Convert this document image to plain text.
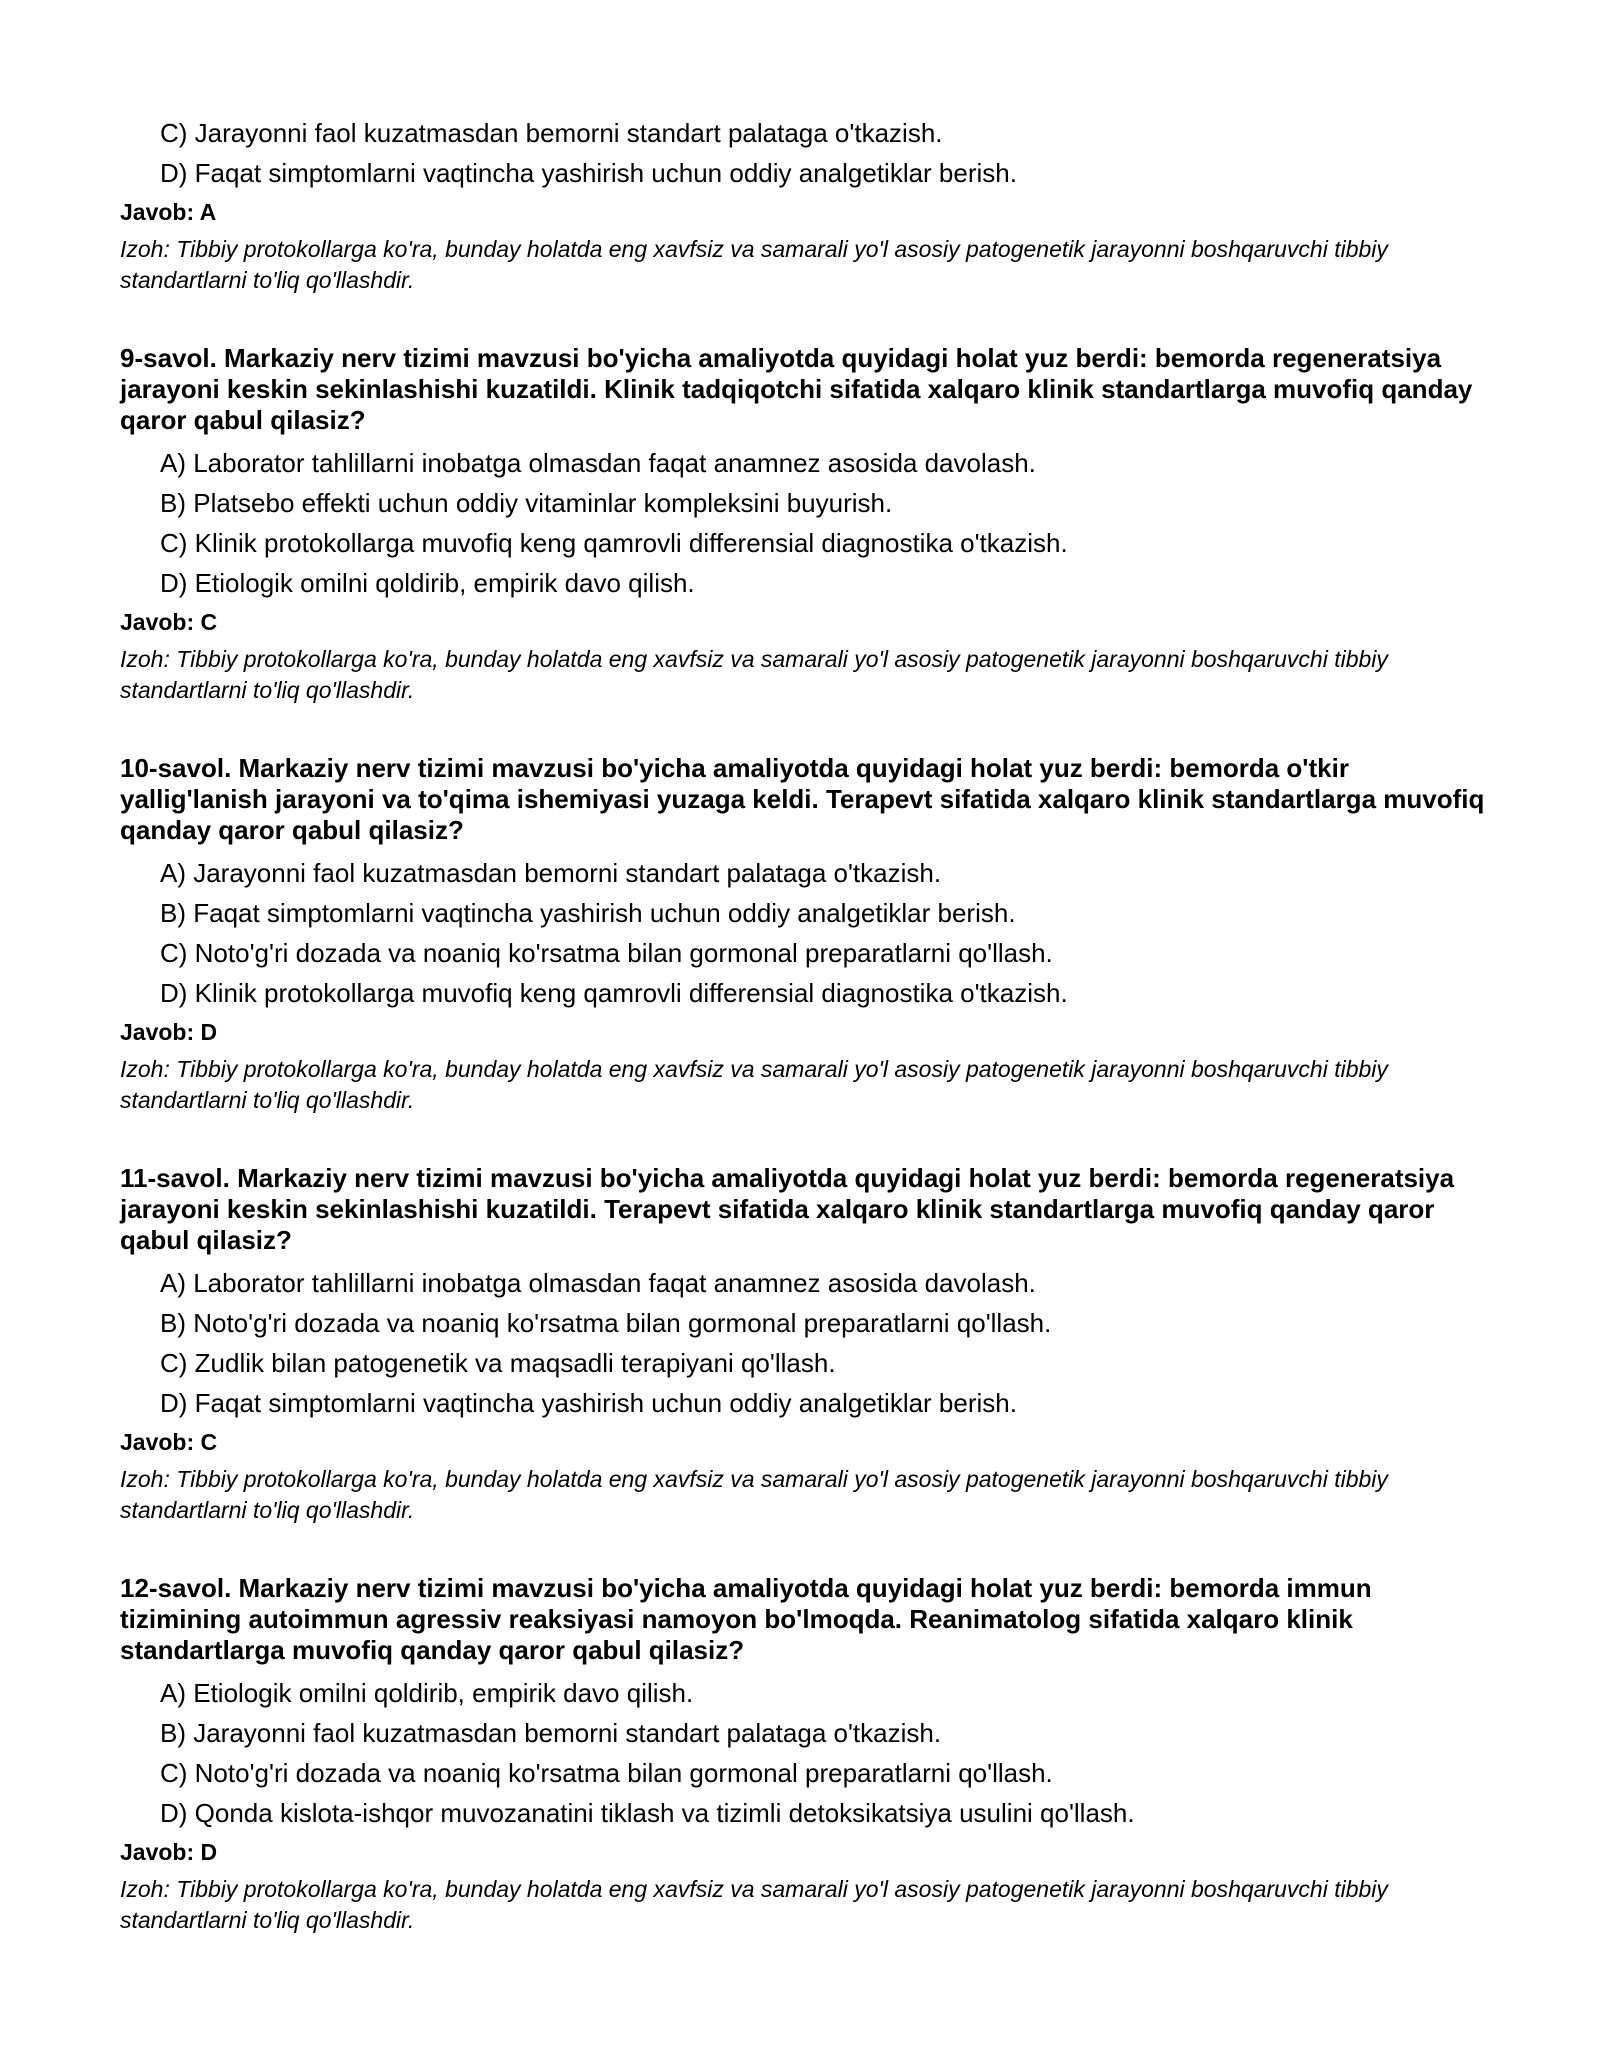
C) Jarayonni faol kuzatmasdan bemorni standart palataga o'tkazish.
D) Faqat simptomlarni vaqtincha yashirish uchun oddiy analgetiklar berish.
Javob: A
Izoh: Tibbiy protokollarga ko'ra, bunday holatda eng xavfsiz va samarali yo'l asosiy patogenetik jarayonni boshqaruvchi tibbiy standartlarni to'liq qo'llashdir.
9-savol. Markaziy nerv tizimi mavzusi bo'yicha amaliyotda quyidagi holat yuz berdi: bemorda regeneratsiya jarayoni keskin sekinlashishi kuzatildi. Klinik tadqiqotchi sifatida xalqaro klinik standartlarga muvofiq qanday qaror qabul qilasiz?
A) Laborator tahlillarni inobatga olmasdan faqat anamnez asosida davolash.
B) Platsebo effekti uchun oddiy vitaminlar kompleksini buyurish.
C) Klinik protokollarga muvofiq keng qamrovli differensial diagnostika o'tkazish.
D) Etiologik omilni qoldirib, empirik davo qilish.
Javob: C
Izoh: Tibbiy protokollarga ko'ra, bunday holatda eng xavfsiz va samarali yo'l asosiy patogenetik jarayonni boshqaruvchi tibbiy standartlarni to'liq qo'llashdir.
10-savol. Markaziy nerv tizimi mavzusi bo'yicha amaliyotda quyidagi holat yuz berdi: bemorda o'tkir yallig'lanish jarayoni va to'qima ishemiyasi yuzaga keldi. Terapevt sifatida xalqaro klinik standartlarga muvofiq qanday qaror qabul qilasiz?
A) Jarayonni faol kuzatmasdan bemorni standart palataga o'tkazish.
B) Faqat simptomlarni vaqtincha yashirish uchun oddiy analgetiklar berish.
C) Noto'g'ri dozada va noaniq ko'rsatma bilan gormonal preparatlarni qo'llash.
D) Klinik protokollarga muvofiq keng qamrovli differensial diagnostika o'tkazish.
Javob: D
Izoh: Tibbiy protokollarga ko'ra, bunday holatda eng xavfsiz va samarali yo'l asosiy patogenetik jarayonni boshqaruvchi tibbiy standartlarni to'liq qo'llashdir.
11-savol. Markaziy nerv tizimi mavzusi bo'yicha amaliyotda quyidagi holat yuz berdi: bemorda regeneratsiya jarayoni keskin sekinlashishi kuzatildi. Terapevt sifatida xalqaro klinik standartlarga muvofiq qanday qaror qabul qilasiz?
A) Laborator tahlillarni inobatga olmasdan faqat anamnez asosida davolash.
B) Noto'g'ri dozada va noaniq ko'rsatma bilan gormonal preparatlarni qo'llash.
C) Zudlik bilan patogenetik va maqsadli terapiyani qo'llash.
D) Faqat simptomlarni vaqtincha yashirish uchun oddiy analgetiklar berish.
Javob: C
Izoh: Tibbiy protokollarga ko'ra, bunday holatda eng xavfsiz va samarali yo'l asosiy patogenetik jarayonni boshqaruvchi tibbiy standartlarni to'liq qo'llashdir.
12-savol. Markaziy nerv tizimi mavzusi bo'yicha amaliyotda quyidagi holat yuz berdi: bemorda immun tizimining autoimmun agressiv reaksiyasi namoyon bo'lmoqda. Reanimatolog sifatida xalqaro klinik standartlarga muvofiq qanday qaror qabul qilasiz?
A) Etiologik omilni qoldirib, empirik davo qilish.
B) Jarayonni faol kuzatmasdan bemorni standart palataga o'tkazish.
C) Noto'g'ri dozada va noaniq ko'rsatma bilan gormonal preparatlarni qo'llash.
D) Qonda kislota-ishqor muvozanatini tiklash va tizimli detoksikatsiya usulini qo'llash.
Javob: D
Izoh: Tibbiy protokollarga ko'ra, bunday holatda eng xavfsiz va samarali yo'l asosiy patogenetik jarayonni boshqaruvchi tibbiy standartlarni to'liq qo'llashdir.
